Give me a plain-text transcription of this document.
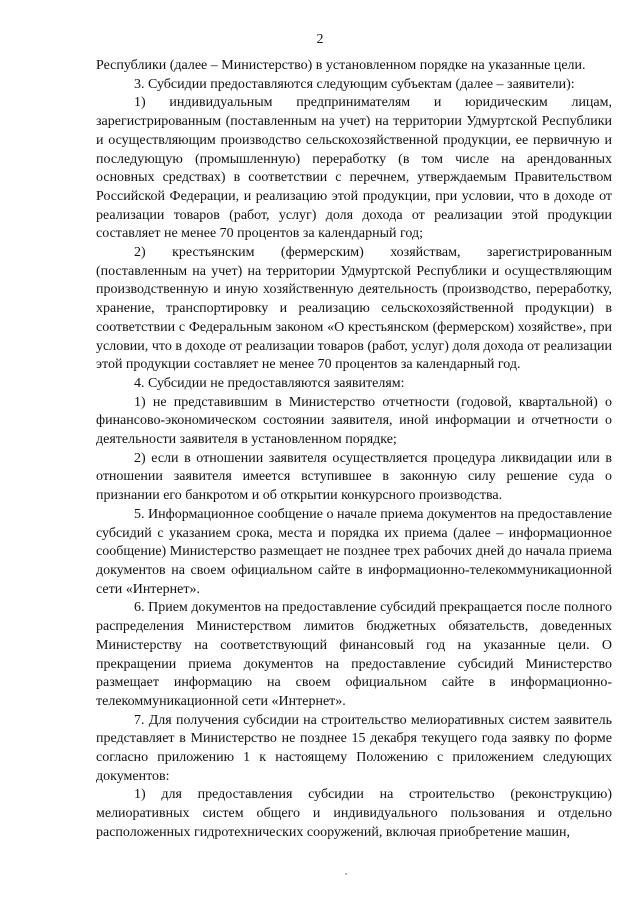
2

Республики (далее – Министерство) в установленном порядке на указанные цели.

3. Субсидии предоставляются следующим субъектам (далее – заявители):

1) индивидуальным предпринимателям и юридическим лицам, зарегистрированным (поставленным на учет) на территории Удмуртской Республики и осуществляющим производство сельскохозяйственной продукции, ее первичную и последующую (промышленную) переработку (в том числе на арендованных основных средствах) в соответствии с перечнем, утверждаемым Правительством Российской Федерации, и реализацию этой продукции, при условии, что в доходе от реализации товаров (работ, услуг) доля дохода от реализации этой продукции составляет не менее 70 процентов за календарный год;

2) крестьянским (фермерским) хозяйствам, зарегистрированным (поставленным на учет) на территории Удмуртской Республики и осуществляющим производственную и иную хозяйственную деятельность (производство, переработку, хранение, транспортировку и реализацию сельскохозяйственной продукции) в соответствии с Федеральным законом «О крестьянском (фермерском) хозяйстве», при условии, что в доходе от реализации товаров (работ, услуг) доля дохода от реализации этой продукции составляет не менее 70 процентов за календарный год.

4. Субсидии не предоставляются заявителям:

1) не представившим в Министерство отчетности (годовой, квартальной) о финансово-экономическом состоянии заявителя, иной информации и отчетности о деятельности заявителя в установленном порядке;

2) если в отношении заявителя осуществляется процедура ликвидации или в отношении заявителя имеется вступившее в законную силу решение суда о признании его банкротом и об открытии конкурсного производства.

5. Информационное сообщение о начале приема документов на предоставление субсидий с указанием срока, места и порядка их приема (далее – информационное сообщение) Министерство размещает не позднее трех рабочих дней до начала приема документов на своем официальном сайте в информационно-телекоммуникационной сети «Интернет».

6. Прием документов на предоставление субсидий прекращается после полного распределения Министерством лимитов бюджетных обязательств, доведенных Министерству на соответствующий финансовый год на указанные цели. О прекращении приема документов на предоставление субсидий Министерство размещает информацию на своем официальном сайте в информационно-телекоммуникационной сети «Интернет».

7. Для получения субсидии на строительство мелиоративных систем заявитель представляет в Министерство не позднее 15 декабря текущего года заявку по форме согласно приложению 1 к настоящему Положению с приложением следующих документов:

1) для предоставления субсидии на строительство (реконструкцию) мелиоративных систем общего и индивидуального пользования и отдельно расположенных гидротехнических сооружений, включая приобретение машин,
